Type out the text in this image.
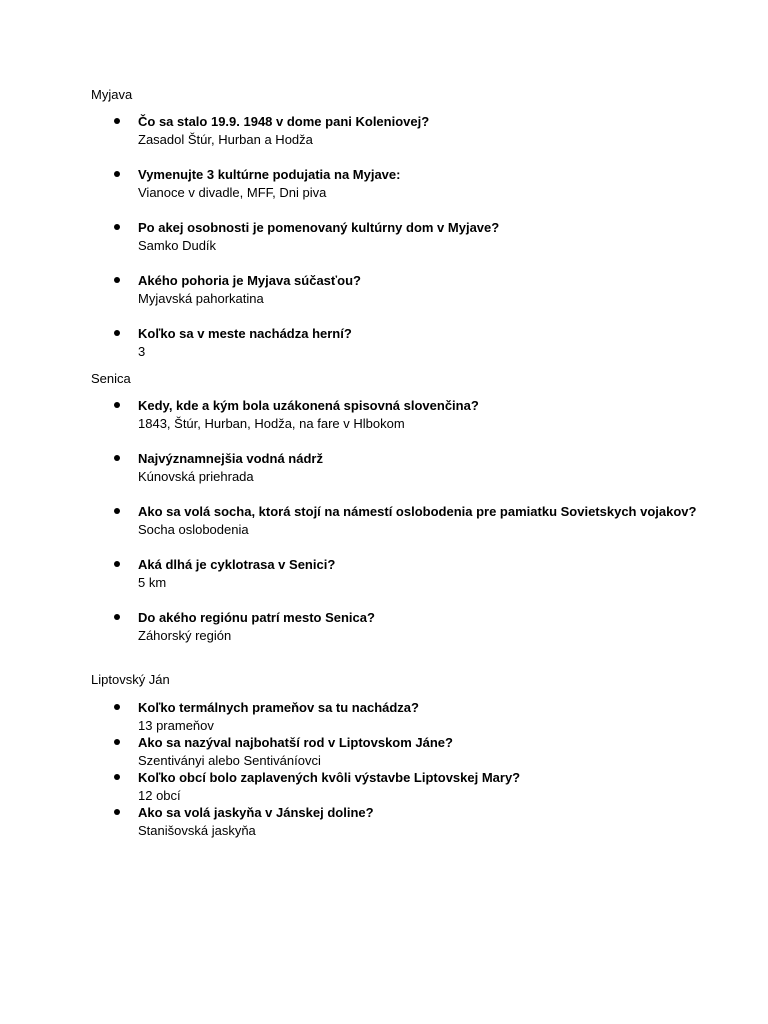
Myjava
Čo sa stalo 19.9. 1948 v dome pani Koleniovej?
Zasadol Štúr, Hurban a Hodža
Vymenujte 3 kultúrne podujatia na Myjave:
Vianoce v divadle, MFF, Dni piva
Po akej osobnosti je pomenovaný kultúrny dom v Myjave?
Samko Dudík
Akého pohoria je Myjava súčasťou?
Myjavská pahorkatina
Koľko sa v meste nachádza herní?
3
Senica
Kedy, kde a kým bola uzákonená spisovná slovenčina?
1843, Štúr, Hurban, Hodža, na fare v Hlbokom
Najvýznamnejšia vodná nádrž
Kúnovská priehrada
Ako sa volá socha, ktorá stojí na námestí oslobodenia pre pamiatku Sovietskych vojakov?
Socha oslobodenia
Aká dlhá je cyklotrasa v Senici?
5 km
Do akého regiónu patrí mesto Senica?
Záhorský región
Liptovský Ján
Koľko termálnych prameňov sa tu nachádza?
13 prameňov
Ako sa nazýval najbohatší rod v Liptovskom Jáne?
Szentiványi alebo Sentiváníovci
Koľko obcí bolo zaplavených kvôli výstavbe Liptovskej Mary?
12 obcí
Ako sa volá jaskyňa v Jánskej doline?
Stanišovská jaskyňa
